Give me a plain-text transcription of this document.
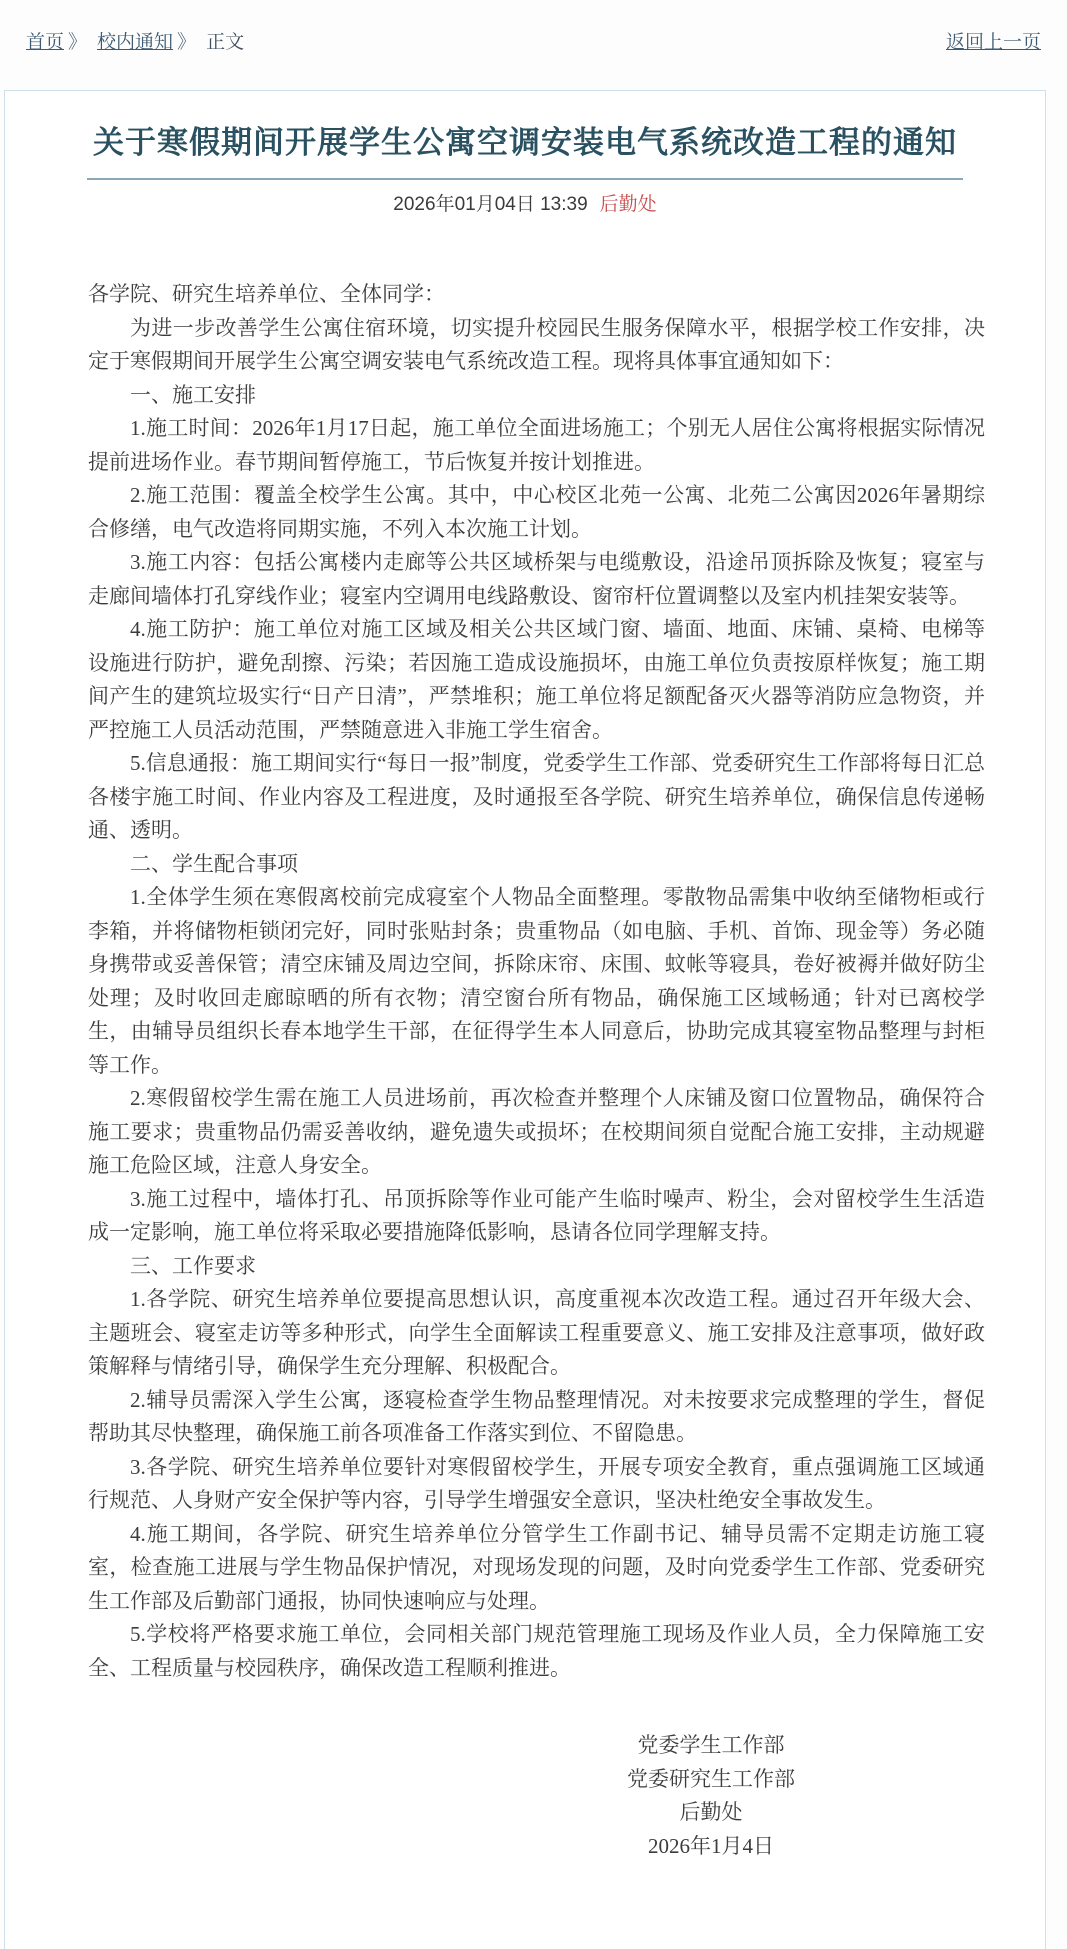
首页 》 校内通知 》 正文	返回上一页
关于寒假期间开展学生公寓空调安装电气系统改造工程的通知
2026年01月04日 13:39 后勤处

各学院、研究生培养单位、全体同学：

为进一步改善学生公寓住宿环境，切实提升校园民生服务保障水平，根据学校工作安排，决定于寒假期间开展学生公寓空调安装电气系统改造工程。现将具体事宜通知如下：

一、施工安排

1.施工时间：2026年1月17日起，施工单位全面进场施工；个别无人居住公寓将根据实际情况提前进场作业。春节期间暂停施工，节后恢复并按计划推进。

2.施工范围：覆盖全校学生公寓。其中，中心校区北苑一公寓、北苑二公寓因2026年暑期综合修缮，电气改造将同期实施，不列入本次施工计划。

3.施工内容：包括公寓楼内走廊等公共区域桥架与电缆敷设，沿途吊顶拆除及恢复；寝室与走廊间墙体打孔穿线作业；寝室内空调用电线路敷设、窗帘杆位置调整以及室内机挂架安装等。

4.施工防护：施工单位对施工区域及相关公共区域门窗、墙面、地面、床铺、桌椅、电梯等设施进行防护，避免刮擦、污染；若因施工造成设施损坏，由施工单位负责按原样恢复；施工期间产生的建筑垃圾实行“日产日清”，严禁堆积；施工单位将足额配备灭火器等消防应急物资，并严控施工人员活动范围，严禁随意进入非施工学生宿舍。

5.信息通报：施工期间实行“每日一报”制度，党委学生工作部、党委研究生工作部将每日汇总各楼宇施工时间、作业内容及工程进度，及时通报至各学院、研究生培养单位，确保信息传递畅通、透明。

二、学生配合事项

1.全体学生须在寒假离校前完成寝室个人物品全面整理。零散物品需集中收纳至储物柜或行李箱，并将储物柜锁闭完好，同时张贴封条；贵重物品（如电脑、手机、首饰、现金等）务必随身携带或妥善保管；清空床铺及周边空间，拆除床帘、床围、蚊帐等寝具，卷好被褥并做好防尘处理；及时收回走廊晾晒的所有衣物；清空窗台所有物品，确保施工区域畅通；针对已离校学生，由辅导员组织长春本地学生干部，在征得学生本人同意后，协助完成其寝室物品整理与封柜等工作。

2.寒假留校学生需在施工人员进场前，再次检查并整理个人床铺及窗口位置物品，确保符合施工要求；贵重物品仍需妥善收纳，避免遗失或损坏；在校期间须自觉配合施工安排，主动规避施工危险区域，注意人身安全。

3.施工过程中，墙体打孔、吊顶拆除等作业可能产生临时噪声、粉尘，会对留校学生生活造成一定影响，施工单位将采取必要措施降低影响，恳请各位同学理解支持。

三、工作要求

1.各学院、研究生培养单位要提高思想认识，高度重视本次改造工程。通过召开年级大会、主题班会、寝室走访等多种形式，向学生全面解读工程重要意义、施工安排及注意事项，做好政策解释与情绪引导，确保学生充分理解、积极配合。

2.辅导员需深入学生公寓，逐寝检查学生物品整理情况。对未按要求完成整理的学生，督促帮助其尽快整理，确保施工前各项准备工作落实到位、不留隐患。

3.各学院、研究生培养单位要针对寒假留校学生，开展专项安全教育，重点强调施工区域通行规范、人身财产安全保护等内容，引导学生增强安全意识，坚决杜绝安全事故发生。

4.施工期间，各学院、研究生培养单位分管学生工作副书记、辅导员需不定期走访施工寝室，检查施工进展与学生物品保护情况，对现场发现的问题，及时向党委学生工作部、党委研究生工作部及后勤部门通报，协同快速响应与处理。

5.学校将严格要求施工单位，会同相关部门规范管理施工现场及作业人员，全力保障施工安全、工程质量与校园秩序，确保改造工程顺利推进。

党委学生工作部
党委研究生工作部
后勤处
2026年1月4日
